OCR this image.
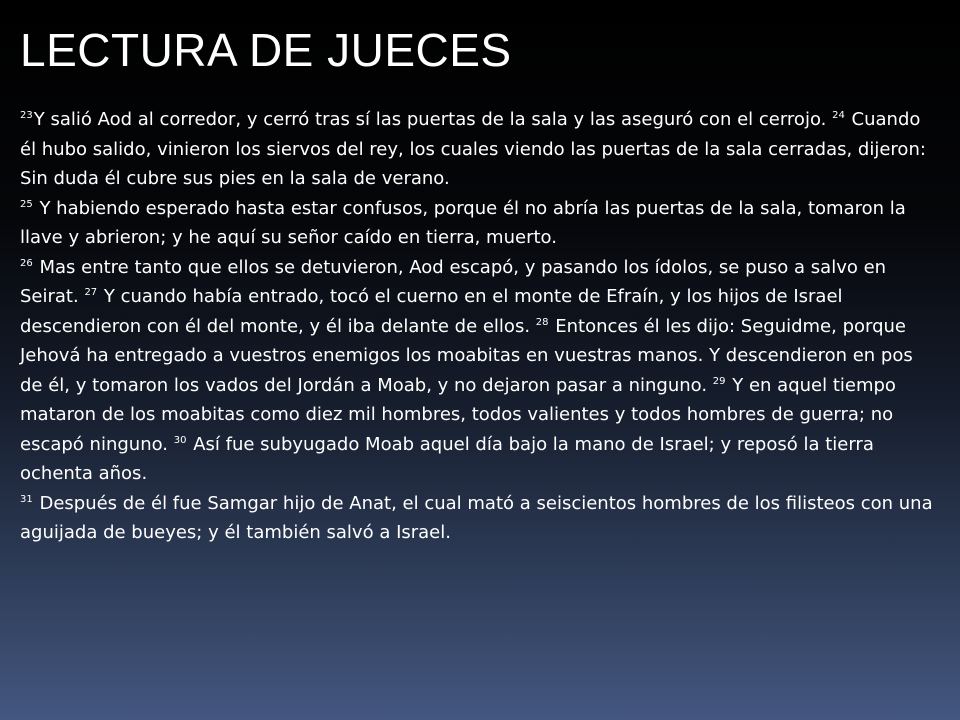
LECTURA DE JUECES

$^{23}$Y salió Aod al corredor, y cerró tras sí las puertas de la sala y las aseguró con el cerrojo. $^{24}$ Cuando él hubo salido, vinieron los siervos del rey, los cuales viendo las puertas de la sala cerradas, dijeron: Sin duda él cubre sus pies en la sala de verano.

$^{25}$ Y habiendo esperado hasta estar confusos, porque él no abría las puertas de la sala, tomaron la llave y abrieron; y he aquí su señor caído en tierra, muerto.

$^{26}$ Mas entre tanto que ellos se detuvieron, Aod escapó, y pasando los ídolos, se puso a salvo en Seirat. $^{27}$ Y cuando había entrado, tocó el cuerno en el monte de Efraín, y los hijos de Israel descendieron con él del monte, y él iba delante de ellos. $^{28}$ Entonces él les dijo: Seguidme, porque Jehová ha entregado a vuestros enemigos los moabitas en vuestras manos. Y descendieron en pos de él, y tomaron los vados del Jordán a Moab, y no dejaron pasar a ninguno. $^{29}$ Y en aquel tiempo mataron de los moabitas como diez mil hombres, todos valientes y todos hombres de guerra; no escapó ninguno. $^{30}$ Así fue subyugado Moab aquel día bajo la mano de Israel; y reposó la tierra ochenta años.

$^{31}$ Después de él fue Samgar hijo de Anat, el cual mató a seiscientos hombres de los filisteos con una aguijada de bueyes; y él también salvó a Israel.
